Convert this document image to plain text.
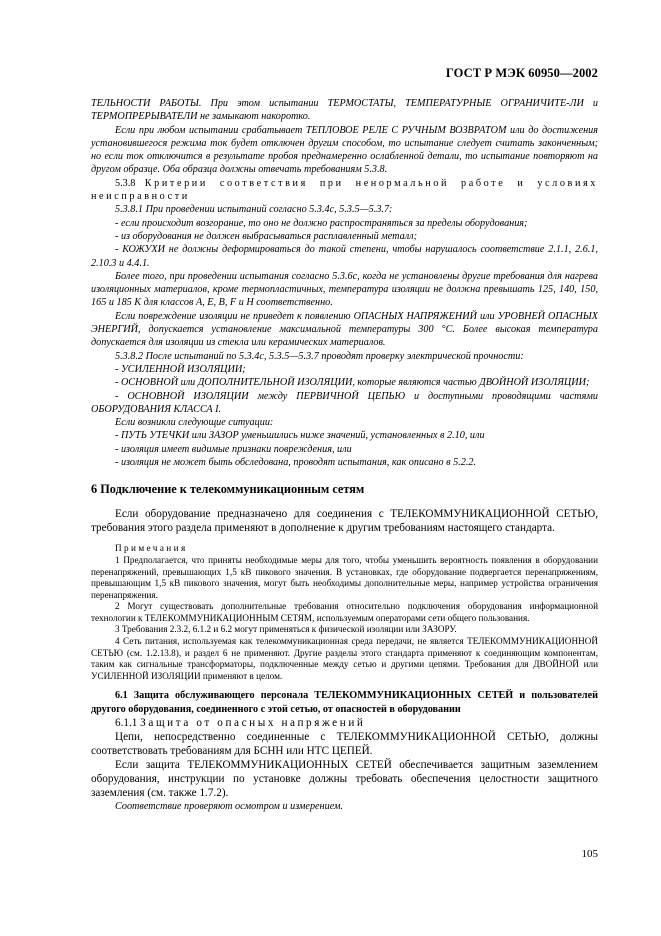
ГОСТ Р МЭК 60950—2002

ТЕЛЬНОСТИ РАБОТЫ. При этом испытании ТЕРМОСТАТЫ, ТЕМПЕРАТУРНЫЕ ОГРАНИЧИТЕ-ЛИ и ТЕРМОПРЕРЫВАТЕЛИ не замыкают накоротко.

Если при любом испытании срабатывает ТЕПЛОВОЕ РЕЛЕ С РУЧНЫМ ВОЗВРАТОМ или до достижения установившегося режима ток будет отключен другим способом, то испытание следует считать законченным; но если ток отключится в результате пробоя преднамеренно ослабленной детали, то испытание повторяют на другом образце. Оба образца должны отвечать требованиям 5.3.8.

5.3.8 Критерии соответствия при ненормальной работе и условиях неисправности

5.3.8.1 При проведении испытаний согласно 5.3.4c, 5.3.5—5.3.7:

- если происходит возгорание, то оно не должно распространяться за пределы оборудования;

- из оборудования не должен выбрасываться расплавленный металл;

- КОЖУХИ не должны деформироваться до такой степени, чтобы нарушалось соответствие 2.1.1, 2.6.1, 2.10.3 и 4.4.1.

Более того, при проведении испытания согласно 5.3.6c, когда не установлены другие требования для нагрева изоляционных материалов, кроме термопластичных, температура изоляции не должна превышать 125, 140, 150, 165 и 185 К для классов А, Е, В, F и Н соответственно.

Если повреждение изоляции не приведет к появлению ОПАСНЫХ НАПРЯЖЕНИЙ или УРОВНЕЙ ОПАСНЫХ ЭНЕРГИЙ, допускается установление максимальной температуры 300 °С. Более высокая температура допускается для изоляции из стекла или керамических материалов.

5.3.8.2 После испытаний по 5.3.4c, 5.3.5—5.3.7 проводят проверку электрической прочности:

- УСИЛЕННОЙ ИЗОЛЯЦИИ;

- ОСНОВНОЙ или ДОПОЛНИТЕЛЬНОЙ ИЗОЛЯЦИИ, которые являются частью ДВОЙНОЙ ИЗОЛЯЦИИ;

- ОСНОВНОЙ ИЗОЛЯЦИИ между ПЕРВИЧНОЙ ЦЕПЬЮ и доступными проводящими частями ОБОРУДОВАНИЯ КЛАССА I.

Если возникли следующие ситуации:

- ПУТЬ УТЕЧКИ или ЗАЗОР уменьшились ниже значений, установленных в 2.10, или

- изоляция имеет видимые признаки повреждения, или

- изоляция не может быть обследована, проводят испытания, как описано в 5.2.2.

6 Подключение к телекоммуникационным сетям

Если оборудование предназначено для соединения с ТЕЛЕКОММУНИКАЦИОННОЙ СЕТЬЮ, требования этого раздела применяют в дополнение к другим требованиям настоящего стандарта.

Примечания

1 Предполагается, что приняты необходимые меры для того, чтобы уменьшить вероятность появления в оборудовании перенапряжений, превышающих 1,5 кВ пикового значения. В установках, где оборудование подвергается перенапряжениям, превышающим 1,5 кВ пикового значения, могут быть необходимы дополнительные меры, например устройства ограничения перенапряжения.

2 Могут существовать дополнительные требования относительно подключения оборудования информационной технологии к ТЕЛЕКОММУНИКАЦИОННЫМ СЕТЯМ, используемым операторами сети общего пользования.

3 Требования 2.3.2, 6.1.2 и 6.2 могут применяться к физической изоляции или ЗАЗОРУ.

4 Сеть питания, используемая как телекоммуникационная среда передачи, не является ТЕЛЕКОММУНИКАЦИОННОЙ СЕТЬЮ (см. 1.2.13.8), и раздел 6 не применяют. Другие разделы этого стандарта применяют к соединяющим компонентам, таким как сигнальные трансформаторы, подключенные между сетью и другими цепями. Требования для ДВОЙНОЙ или УСИЛЕННОЙ ИЗОЛЯЦИИ применяют в целом.

6.1 Защита обслуживающего персонала ТЕЛЕКОММУНИКАЦИОННЫХ СЕТЕЙ и пользователей другого оборудования, соединенного с этой сетью, от опасностей в оборудовании

6.1.1 Защита от опасных напряжений

Цепи, непосредственно соединенные с ТЕЛЕКОММУНИКАЦИОННОЙ СЕТЬЮ, должны соответствовать требованиям для БСНН или НТС ЦЕПЕЙ.

Если защита ТЕЛЕКОММУНИКАЦИОННЫХ СЕТЕЙ обеспечивается защитным заземлением оборудования, инструкции по установке должны требовать обеспечения целостности защитного заземления (см. также 1.7.2).

Соответствие проверяют осмотром и измерением.

105
